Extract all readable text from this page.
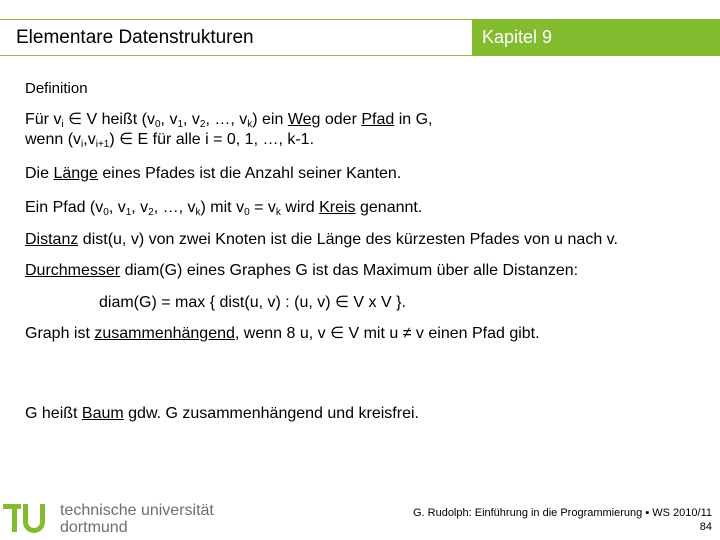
Elementare Datenstrukturen	Kapitel 9
Definition
Für $v_i$ ∈ V heißt ($v_0$, $v_1$, $v_2$, …, $v_k$) ein Weg oder Pfad in G,
wenn $(v_i,v_{i+1})$ ∈ E für alle i = 0, 1, …, k-1.
Die Länge eines Pfades ist die Anzahl seiner Kanten.
Ein Pfad ($v_0$, $v_1$, $v_2$, …, $v_k$) mit $v_0 = v_k$ wird Kreis genannt.
Distanz dist(u, v) von zwei Knoten ist die Länge des kürzesten Pfades von u nach v.
Durchmesser diam(G) eines Graphes G ist das Maximum über alle Distanzen:
diam(G) = max { dist(u, v) : (u, v) ∈ V x V }.
Graph ist zusammenhängend, wenn 8 u, v ∈ V mit u ≠ v einen Pfad gibt.
G heißt Baum gdw. G zusammenhängend und kreisfrei.
technische universität
dortmund
G. Rudolph: Einführung in die Programmierung ▪ WS 2010/11
84
